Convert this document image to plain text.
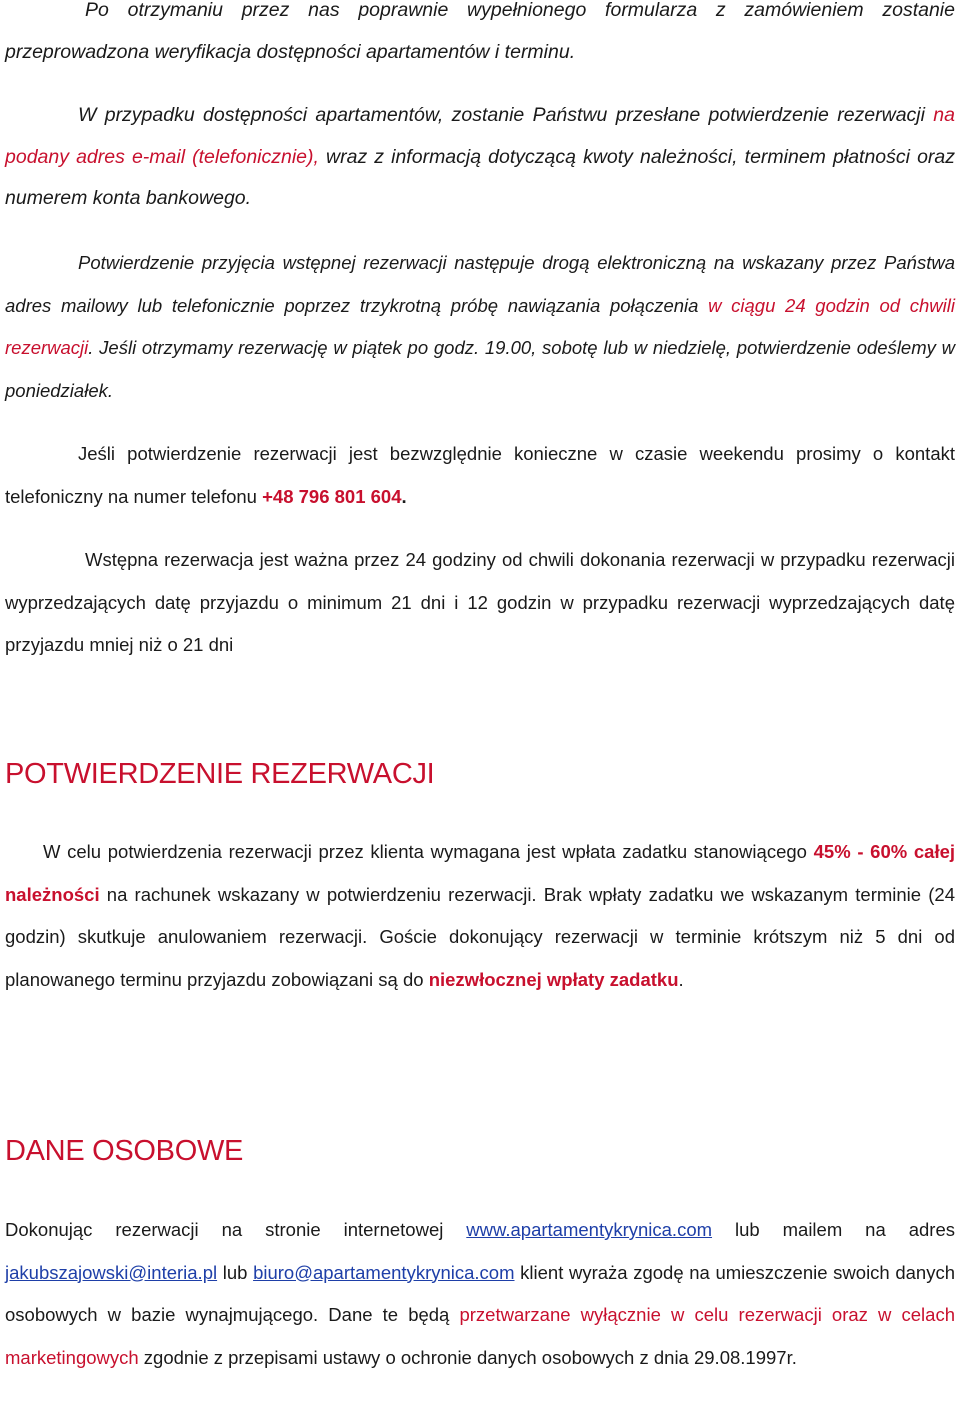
Po otrzymaniu przez nas poprawnie wypełnionego formularza z zamówieniem zostanie przeprowadzona weryfikacja dostępności apartamentów i terminu.

W przypadku dostępności apartamentów, zostanie Państwu przesłane potwierdzenie rezerwacji na podany adres e-mail (telefonicznie), wraz z informacją dotyczącą kwoty należności, terminem płatności oraz numerem konta bankowego.

Potwierdzenie przyjęcia wstępnej rezerwacji następuje drogą elektroniczną na wskazany przez Państwa adres mailowy lub telefonicznie poprzez trzykrotną próbę nawiązania połączenia w ciągu 24 godzin od chwili rezerwacji. Jeśli otrzymamy rezerwację w piątek po godz. 19.00, sobotę lub w niedzielę, potwierdzenie odeślemy w poniedziałek.

Jeśli potwierdzenie rezerwacji jest bezwzględnie konieczne w czasie weekendu prosimy o kontakt telefoniczny na numer telefonu +48 796 801 604.

Wstępna rezerwacja jest ważna przez 24 godziny od chwili dokonania rezerwacji w przypadku rezerwacji wyprzedzających datę przyjazdu o minimum 21 dni i 12 godzin w przypadku rezerwacji wyprzedzających datę przyjazdu mniej niż o 21 dni

POTWIERDZENIE REZERWACJI

W celu potwierdzenia rezerwacji przez klienta wymagana jest wpłata zadatku stanowiącego 45% - 60% całej należności na rachunek wskazany w potwierdzeniu rezerwacji. Brak wpłaty zadatku we wskazanym terminie (24 godzin) skutkuje anulowaniem rezerwacji. Goście dokonujący rezerwacji w terminie krótszym niż 5 dni od planowanego terminu przyjazdu zobowiązani są do niezwłocznej wpłaty zadatku.

DANE OSOBOWE

Dokonując rezerwacji na stronie internetowej www.apartamentykrynica.com lub mailem na adres jakubszajowski@interia.pl lub biuro@apartamentykrynica.com klient wyraża zgodę na umieszczenie swoich danych osobowych w bazie wynajmującego. Dane te będą przetwarzane wyłącznie w celu rezerwacji oraz w celach marketingowych zgodnie z przepisami ustawy o ochronie danych osobowych z dnia 29.08.1997r.
